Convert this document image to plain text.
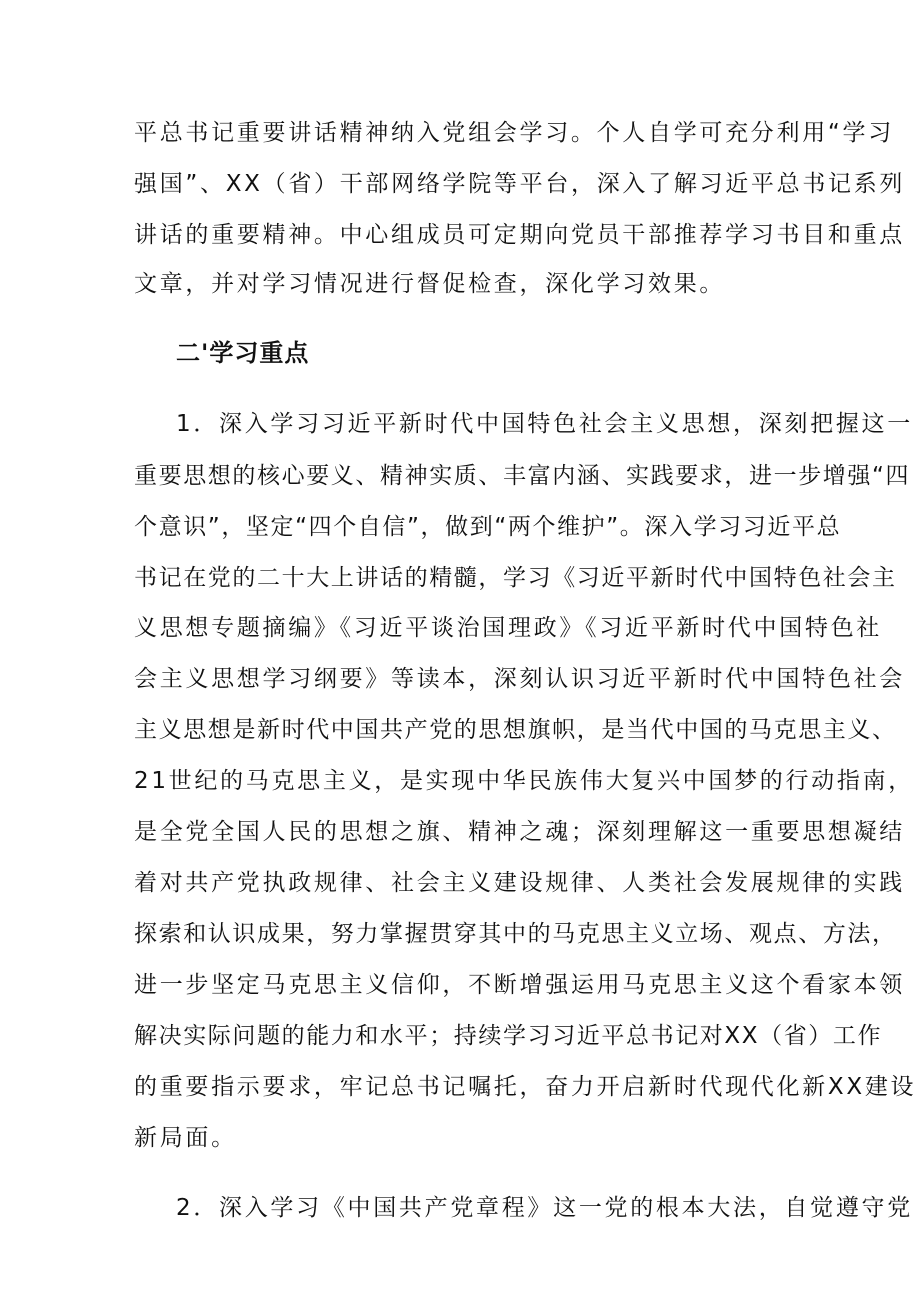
平总书记重要讲话精神纳入党组会学习。个人自学可充分利用“学习
强国”、XX（省）干部网络学院等平台，深入了解习近平总书记系列
讲话的重要精神。中心组成员可定期向党员干部推荐学习书目和重点
文章，并对学习情况进行督促检查，深化学习效果。
二'学习重点
1．深入学习习近平新时代中国特色社会主义思想，深刻把握这一
重要思想的核心要义、精神实质、丰富内涵、实践要求，进一步增强“四
个意识”，坚定“四个自信”，做到“两个维护”。深入学习习近平总
书记在党的二十大上讲话的精髓，学习《习近平新时代中国特色社会主
义思想专题摘编》《习近平谈治国理政》《习近平新时代中国特色社
会主义思想学习纲要》等读本，深刻认识习近平新时代中国特色社会
主义思想是新时代中国共产党的思想旗帜，是当代中国的马克思主义、
21世纪的马克思主义，是实现中华民族伟大复兴中国梦的行动指南，
是全党全国人民的思想之旗、精神之魂；深刻理解这一重要思想凝结
着对共产党执政规律、社会主义建设规律、人类社会发展规律的实践
探索和认识成果，努力掌握贯穿其中的马克思主义立场、观点、方法，
进一步坚定马克思主义信仰，不断增强运用马克思主义这个看家本领
解决实际问题的能力和水平；持续学习习近平总书记对XX（省）工作
的重要指示要求，牢记总书记嘱托，奋力开启新时代现代化新XX建设
新局面。
2．深入学习《中国共产党章程》这一党的根本大法，自觉遵守党
